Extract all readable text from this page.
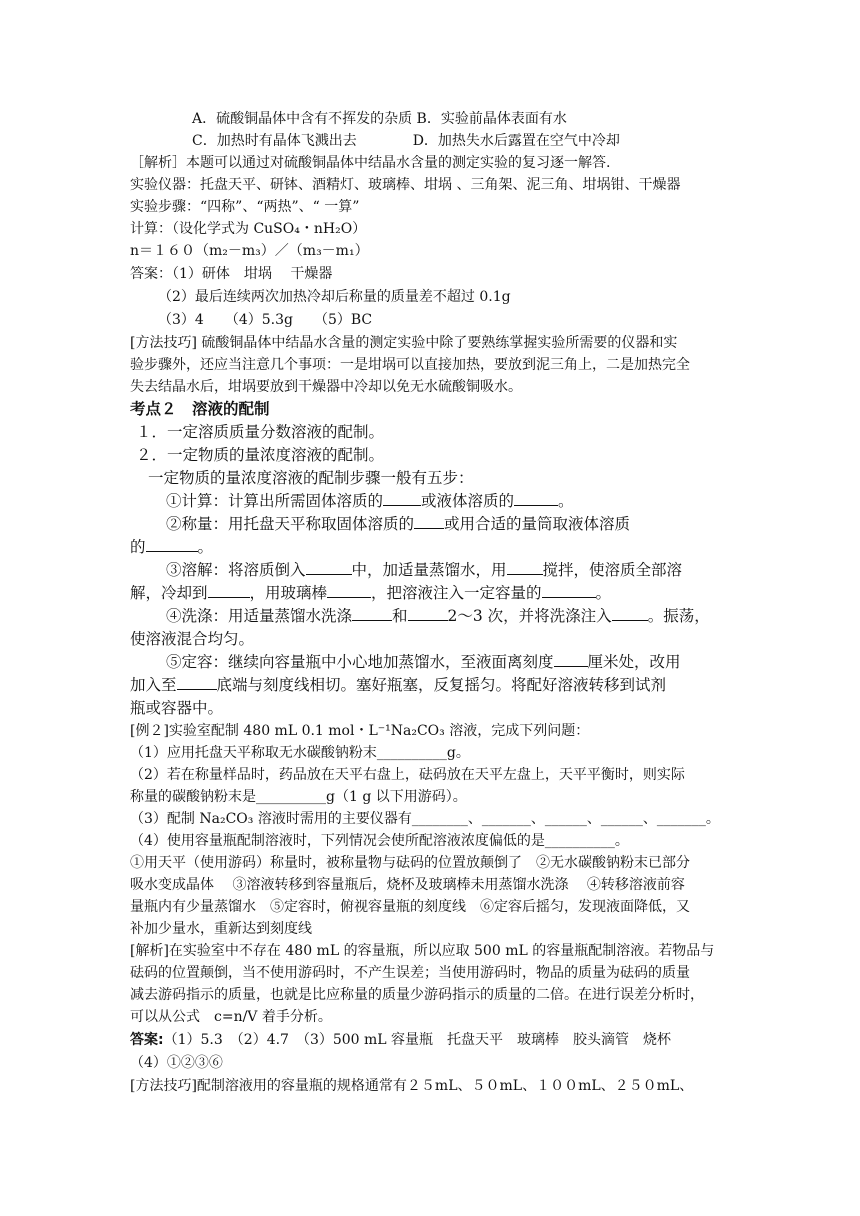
A．硫酸铜晶体中含有不挥发的杂质 B．实验前晶体表面有水
C．加热时有晶体飞溅出去　　　　D．加热失水后露置在空气中冷却
［解析］本题可以通过对硫酸铜晶体中结晶水含量的测定实验的复习逐一解答.
实验仪器：托盘天平、研钵、酒精灯、玻璃棒、坩埚 、三角架、泥三角、坩埚钳、干燥器
实验步骤：“四称”、“两热”、“ 一算”
计算：（设化学式为 CuSO₄・nH₂O）
n＝１６０（m₂－m₃）／（m₃－m₁）
答案：（1）研体　坩埚　 干燥器
（2）最后连续两次加热冷却后称量的质量差不超过 0.1g
（3）4　　（4）5.3g　　（5）BC
[方法技巧] 硫酸铜晶体中结晶水含量的测定实验中除了要熟练掌握实验所需要的仪器和实
验步骤外，还应当注意几个事项：一是坩埚可以直接加热，要放到泥三角上，二是加热完全
失去结晶水后，坩埚要放到干燥器中冷却以免无水硫酸铜吸水。
考点２　溶液的配制
１．一定溶质质量分数溶液的配制。
２．一定物质的量浓度溶液的配制。
一定物质的量浓度溶液的配制步骤一般有五步：
①计算：计算出所需固体溶质的 或液体溶质的	。
②称量：用托盘天平称取固体溶质的 或用合适的量筒取液体溶质
的	。
③溶解：将溶质倒入	中，加适量蒸馏水，用 搅拌，使溶质全部溶
解，冷却到	，用玻璃棒	，把溶液注入一定容量的	。
④洗涤：用适量蒸馏水洗涤	和	2～3 次，并将洗涤注入 。振荡，
使溶液混合均匀。
⑤定容：继续向容量瓶中小心地加蒸馏水，至液面离刻度 厘米处，改用
加入至	底端与刻度线相切。塞好瓶塞，反复摇匀。将配好溶液转移到试剂
瓶或容器中。
[例２]实验室配制 480 mL 0.1 mol・L⁻¹Na₂CO₃ 溶液，完成下列问题：
（1）应用托盘天平称取无水碳酸钠粉末__________g。
（2）若在称量样品时，药品放在天平右盘上，砝码放在天平左盘上，天平平衡时，则实际
称量的碳酸钠粉末是__________g（1 g 以下用游码）。
（3）配制 Na₂CO₃ 溶液时需用的主要仪器有________、_______、______、______、_______。
（4）使用容量瓶配制溶液时，下列情况会使所配溶液浓度偏低的是__________。
①用天平（使用游码）称量时，被称量物与砝码的位置放颠倒了　②无水碳酸钠粉末已部分
吸水变成晶体　 ③溶液转移到容量瓶后，烧杯及玻璃棒未用蒸馏水洗涤　 ④转移溶液前容
量瓶内有少量蒸馏水　⑤定容时，俯视容量瓶的刻度线　⑥定容后摇匀，发现液面降低，又
补加少量水，重新达到刻度线
[解析]在实验室中不存在 480 mL 的容量瓶，所以应取 500 mL 的容量瓶配制溶液。若物品与
砝码的位置颠倒，当不使用游码时，不产生误差；当使用游码时，物品的质量为砝码的质量
减去游码指示的质量，也就是比应称量的质量少游码指示的质量的二倍。在进行误差分析时，
可以从公式　c=n/V 着手分析。
答案:（1）5.3　（2）4.7　（3）500 mL 容量瓶　托盘天平　玻璃棒　胶头滴管　烧杯
（4）①②③⑥
[方法技巧]配制溶液用的容量瓶的规格通常有２５mL、５０mL、１００mL、２５０mL、
